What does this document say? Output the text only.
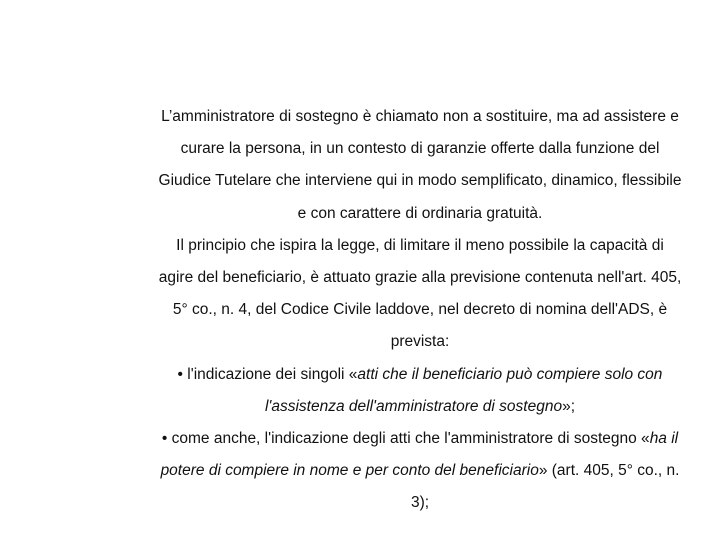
L’amministratore di sostegno è chiamato non a sostituire, ma ad assistere e curare la persona, in un contesto di garanzie offerte dalla funzione del Giudice Tutelare che interviene qui in modo semplificato, dinamico, flessibile e con carattere di ordinaria gratuità.

Il principio che ispira la legge, di limitare il meno possibile la capacità di agire del beneficiario, è attuato grazie alla previsione contenuta nell'art. 405, 5° co., n. 4, del Codice Civile laddove, nel decreto di nomina dell'ADS, è prevista:

• l'indicazione dei singoli «atti che il beneficiario può compiere solo con l'assistenza dell'amministratore di sostegno»;

• come anche, l'indicazione degli atti che l'amministratore di sostegno «ha il potere di compiere in nome e per conto del beneficiario» (art. 405, 5° co., n. 3);
